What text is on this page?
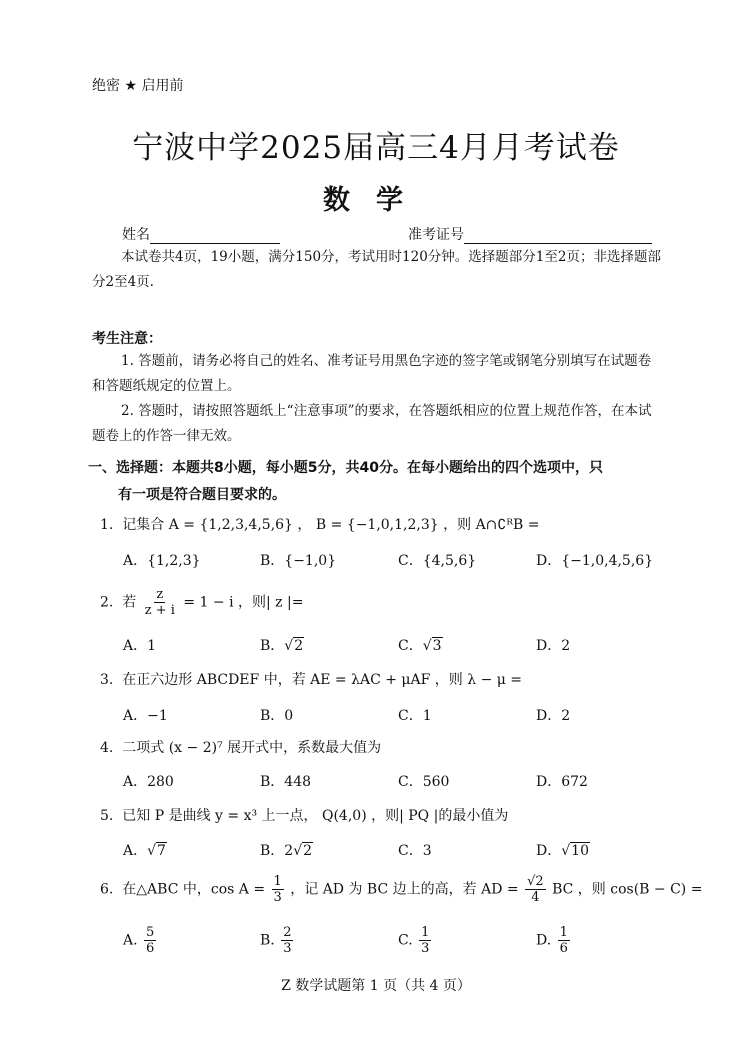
绝密 ★ 启用前
宁波中学2025届高三4月月考试卷
数学
姓名	准考证号
本试卷共4页，19小题，满分150分，考试用时120分钟。选择题部分1至2页；非选择题部分2至4页.
考生注意：
1. 答题前，请务必将自己的姓名、准考证号用黑色字迹的签字笔或钢笔分别填写在试题卷和答题纸规定的位置上。
2. 答题时，请按照答题纸上“注意事项”的要求，在答题纸相应的位置上规范作答，在本试题卷上的作答一律无效。
一、选择题：本题共8小题，每小题5分，共40分。在每小题给出的四个选项中，只
有一项是符合题目要求的。
1. 记集合 A = {1,2,3,4,5,6} ， B = {−1,0,1,2,3} ，则 A∩∁ᴿB =
A．{1,2,3}	B．{−1,0}	C．{4,5,6}	D．{−1,0,4,5,6}
2. 若 $\frac{z}{z + i} = 1 - i$ ，则| z |=
A．1	B．√2	C．√3	D．2
3. 在正六边形 ABCDEF 中，若 AE = λAC + μAF ，则 λ − μ =
A．−1	B．0	C．1	D．2
4. 二项式 (x − 2)⁷ 展开式中，系数最大值为
A．280	B．448	C．560	D．672
5. 已知 P 是曲线 y = x³ 上一点， Q(4,0) ，则| PQ |的最小值为
A．√7	B．2√2	C．3	D．√10
6. 在△ABC 中，$\cos A = \frac{1}{3}$ ，记 AD 为 BC 边上的高，若 AD = $\frac{√2}{4}$ BC ，则 cos(B − C) =
A. $\frac{5}{6}$	B. $\frac{2}{3}$	C. $\frac{1}{3}$	D. $\frac{1}{6}$
Z 数学试题第 1 页（共 4 页）
